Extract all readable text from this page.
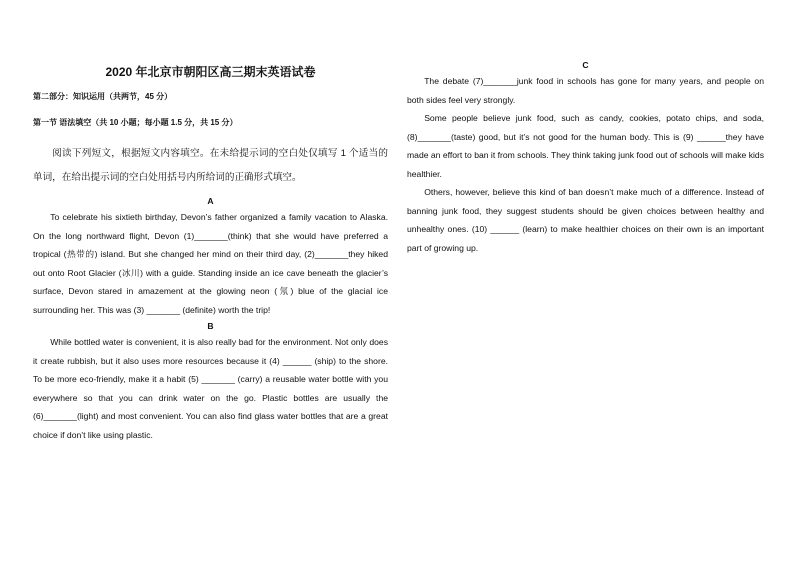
2020 年北京市朝阳区高三期末英语试卷
第二部分：知识运用（共两节，45 分）
第一节 语法填空（共 10 小题；每小题 1.5 分，共 15 分）
阅读下列短文，根据短文内容填空。在未给提示词的空白处仅填写 1 个适当的单词，在给出提示词的空白处用括号内所给词的正确形式填空。
A

To celebrate his sixtieth birthday, Devon’s father organized a family vacation to Alaska. On the long northward flight, Devon (1)_______(think) that she would have preferred a tropical (热带的) island. But she changed her mind on their third day, (2)_______they hiked out onto Root Glacier (冰川) with a guide. Standing inside an ice cave beneath the glacier’s surface, Devon stared in amazement at the glowing neon (氖) blue of the glacial ice surrounding her. This was (3) _______ (definite) worth the trip!

B

While bottled water is convenient, it is also really bad for the environment. Not only does it create rubbish, but it also uses more resources because it (4) ______ (ship) to the shore. To be more eco-friendly, make it a habit (5) _______ (carry) a reusable water bottle with you everywhere so that you can drink water on the go. Plastic bottles are usually the (6)_______(light) and most convenient. You can also find glass water bottles that are a great choice if don’t like using plastic.

C

The debate (7)_______junk food in schools has gone for many years, and people on both sides feel very strongly.

Some people believe junk food, such as candy, cookies, potato chips, and soda, (8)_______(taste) good, but it’s not good for the human body. This is (9) ______they have made an effort to ban it from schools. They think taking junk food out of schools will make kids healthier.

Others, however, believe this kind of ban doesn’t make much of a difference. Instead of banning junk food, they suggest students should be given choices between healthy and unhealthy ones. (10) ______ (learn) to make healthier choices on their own is an important part of growing up.
